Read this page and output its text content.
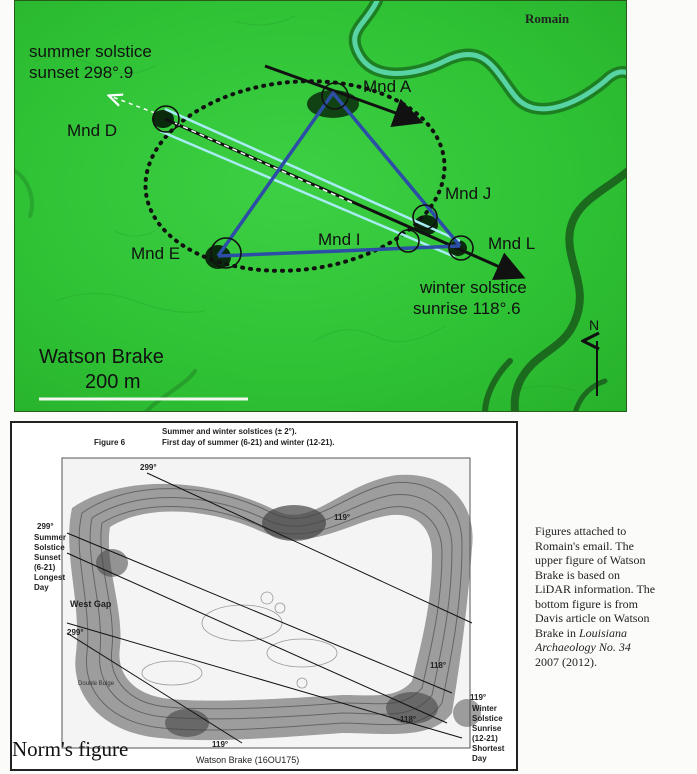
Romain
summer solstice
sunset 298°.9
Mnd A
Mnd D
Mnd J
Mnd E
Mnd I	Mnd L
winter solstice
sunrise 118°.6
Watson Brake
200 m
N
Summer and winter solstices (± 2°).
Figure 6	First day of summer (6-21) and winter (12-21).
299°
299°
299°
119°
118°
118°
119°
119°
Summer
Solstice
Sunset
(6-21)
Longest
Day
Winter
Solstice
Sunrise
(12-21)
Shortest
Day
West Gap
Double Bulge
Watson Brake (16OU175)
Norm's figure
Figures attached to
Romain's email. The
upper figure of Watson
Brake is based on
LiDAR information. The
bottom figure is from
Davis article on Watson
Brake in Louisiana
Archaeology No. 34
2007 (2012).
